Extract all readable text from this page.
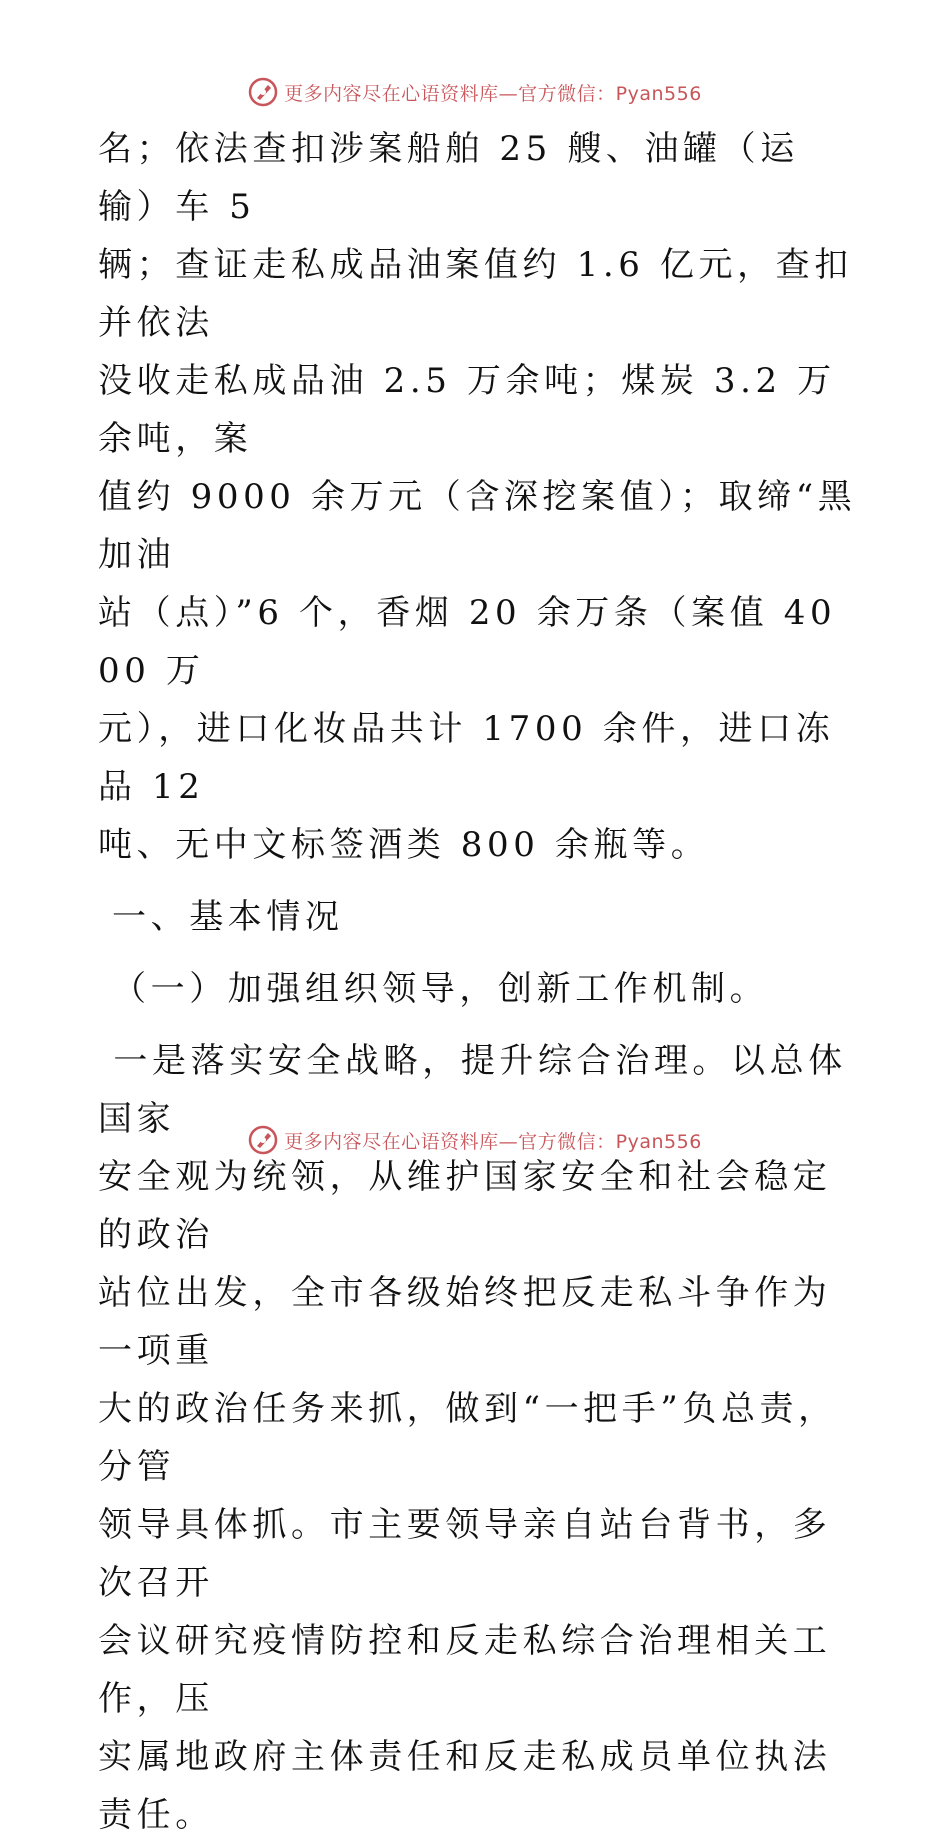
更多内容尽在心语资料库—官方微信：Pyan556

名；依法查扣涉案船舶 25 艘、油罐（运输）车 5

辆；查证走私成品油案值约 1.6 亿元，查扣并依法

没收走私成品油 2.5 万余吨；煤炭 3.2 万余吨，案

值约 9000 余万元（含深挖案值）；取缔“黑加油

站（点）”6 个，香烟 20 余万条（案值 4000 万

元），进口化妆品共计 1700 余件，进口冻品 12

吨、无中文标签酒类 800 余瓶等。

一、基本情况

（一）加强组织领导，创新工作机制。

一是落实安全战略，提升综合治理。以总体国家

安全观为统领，从维护国家安全和社会稳定的政治

站位出发，全市各级始终把反走私斗争作为一项重

大的政治任务来抓，做到“一把手”负总责，分管

领导具体抓。市主要领导亲自站台背书，多次召开

会议研究疫情防控和反走私综合治理相关工作，压

实属地政府主体责任和反走私成员单位执法责任。

更多内容尽在心语资料库—官方微信：Pyan556
